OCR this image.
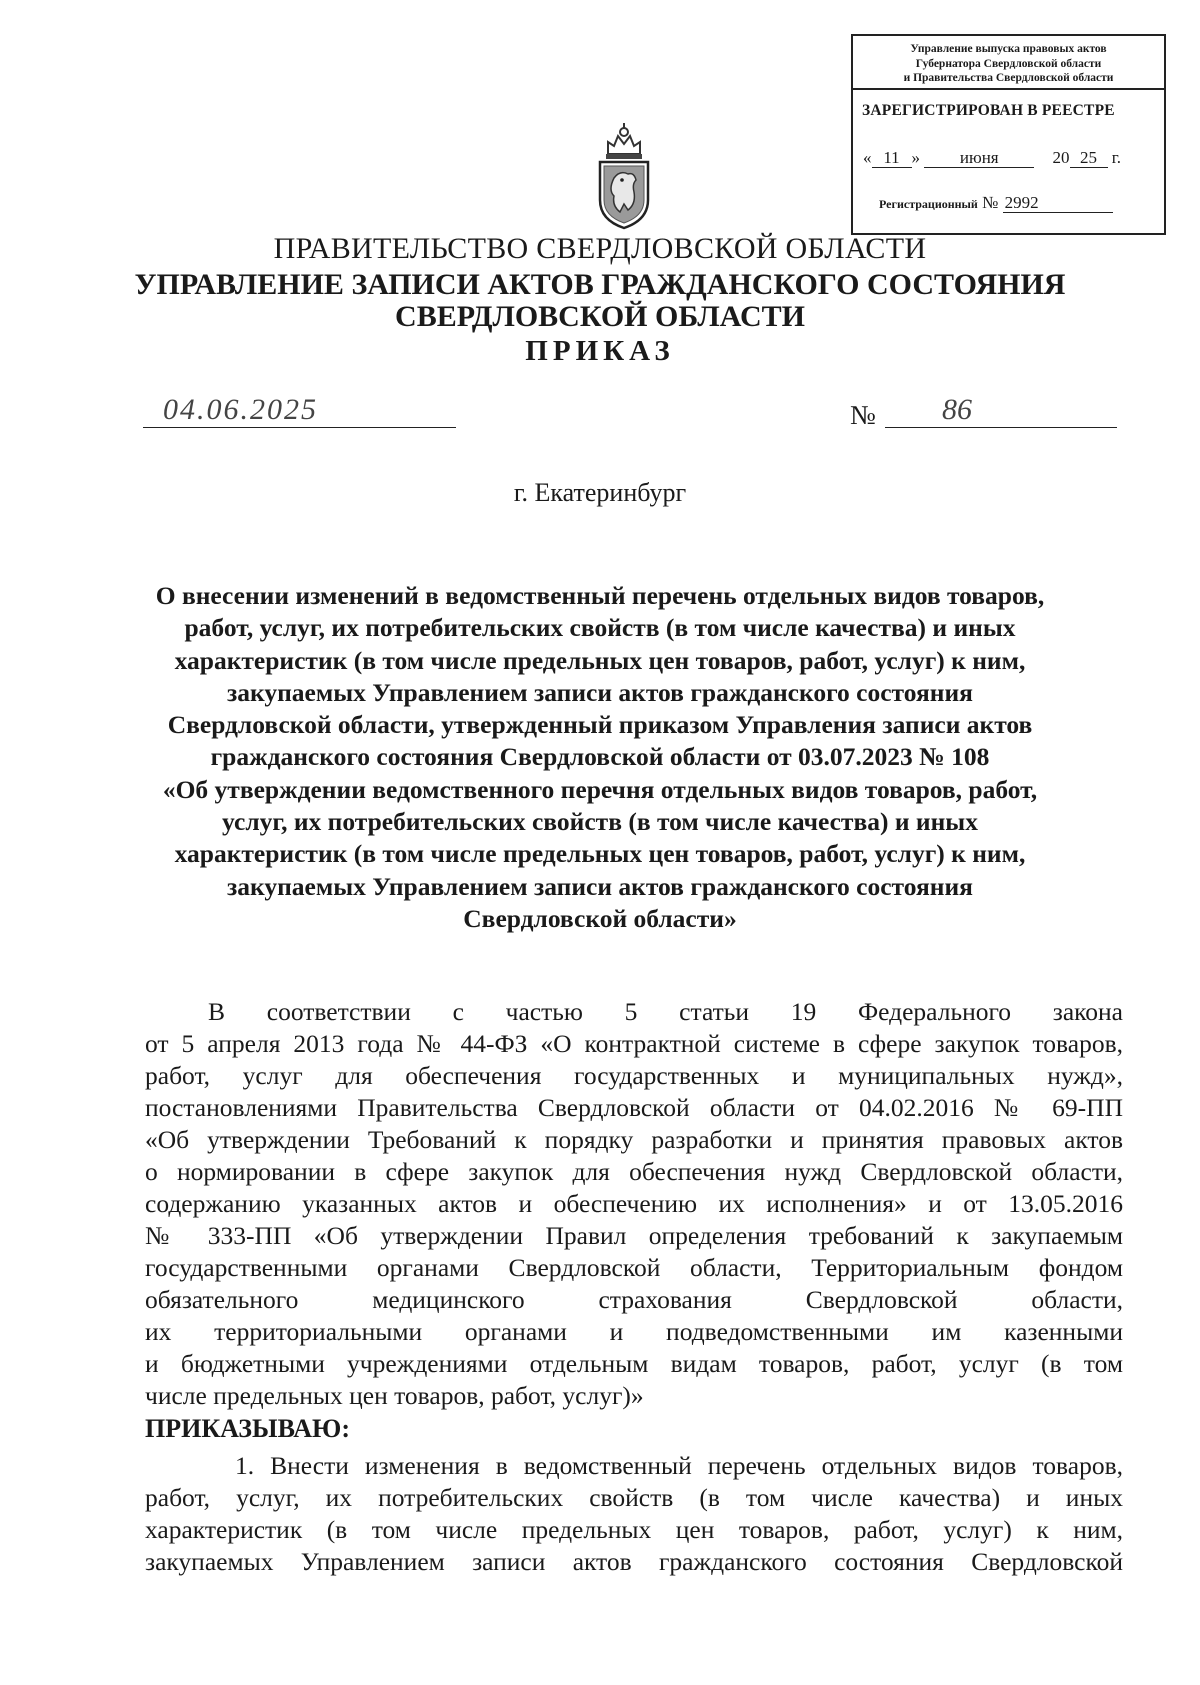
Управление выпуска правовых актов
Губернатора Свердловской области
и Правительства Свердловской области
ЗАРЕГИСТРИРОВАН В РЕЕСТРЕ
« 11 » июня	20 25 г.
Регистрационный № 2992
ПРАВИТЕЛЬСТВО СВЕРДЛОВСКОЙ ОБЛАСТИ
УПРАВЛЕНИЕ ЗАПИСИ АКТОВ ГРАЖДАНСКОГО СОСТОЯНИЯ
СВЕРДЛОВСКОЙ ОБЛАСТИ
ПРИКАЗ
04.06.2025	№ 86
г. Екатеринбург
О внесении изменений в ведомственный перечень отдельных видов товаров,
работ, услуг, их потребительских свойств (в том числе качества) и иных
характеристик (в том числе предельных цен товаров, работ, услуг) к ним,
закупаемых Управлением записи актов гражданского состояния
Свердловской области, утвержденный приказом Управления записи актов
гражданского состояния Свердловской области от 03.07.2023 № 108
«Об утверждении ведомственного перечня отдельных видов товаров, работ,
услуг, их потребительских свойств (в том числе качества) и иных
характеристик (в том числе предельных цен товаров, работ, услуг) к ним,
закупаемых Управлением записи актов гражданского состояния
Свердловской области»
В соответствии с частью 5 статьи 19 Федерального закона
от 5 апреля 2013 года № 44-ФЗ «О контрактной системе в сфере закупок товаров,
работ, услуг для обеспечения государственных и муниципальных нужд»,
постановлениями Правительства Свердловской области от 04.02.2016 № 69-ПП
«Об утверждении Требований к порядку разработки и принятия правовых актов
о нормировании в сфере закупок для обеспечения нужд Свердловской области,
содержанию указанных актов и обеспечению их исполнения» и от 13.05.2016
№ 333-ПП «Об утверждении Правил определения требований к закупаемым
государственными органами Свердловской области, Территориальным фондом
обязательного медицинского страхования Свердловской области,
их территориальными органами и подведомственными им казенными
и бюджетными учреждениями отдельным видам товаров, работ, услуг (в том
числе предельных цен товаров, работ, услуг)»
ПРИКАЗЫВАЮ:
1. Внести изменения в ведомственный перечень отдельных видов товаров,
работ, услуг, их потребительских свойств (в том числе качества) и иных
характеристик (в том числе предельных цен товаров, работ, услуг) к ним,
закупаемых Управлением записи актов гражданского состояния Свердловской
